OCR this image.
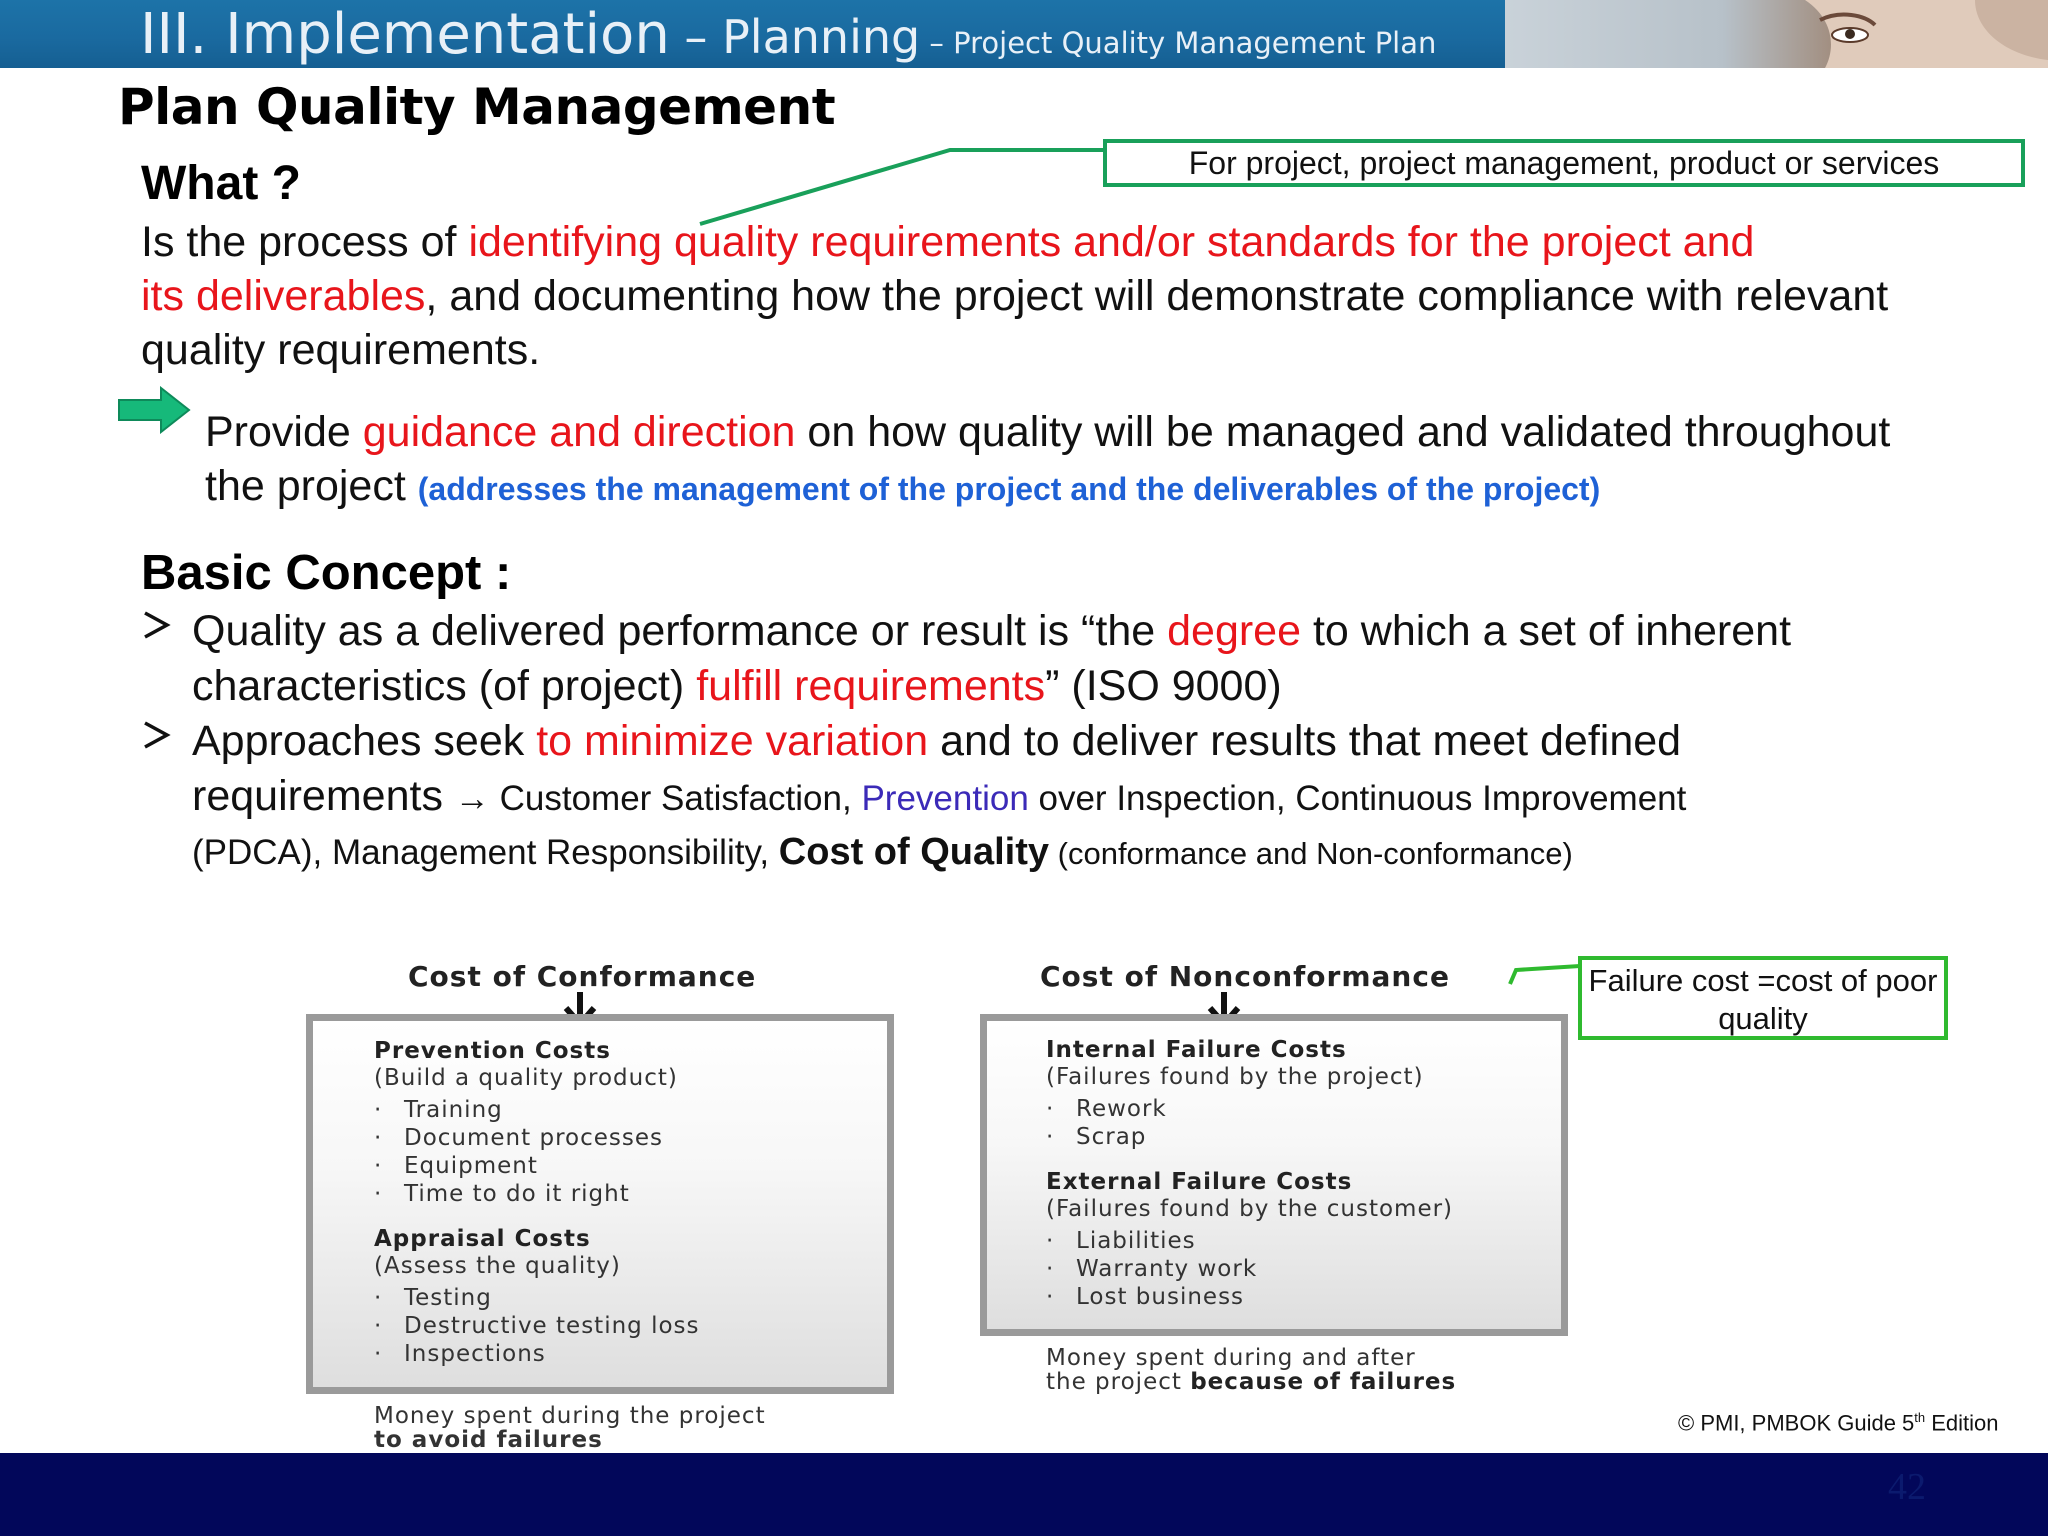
III. Implementation – Planning – Project Quality Management Plan
Plan Quality Management
What ?	For project, project management, product or services
Is the process of identifying quality requirements and/or standards for the project and
its deliverables, and documenting how the project will demonstrate compliance with relevant
quality requirements.
Provide guidance and direction on how quality will be managed and validated throughout
the project (addresses the management of the project and the deliverables of the project)
Basic Concept :
Quality as a delivered performance or result is “the degree to which a set of inherent
characteristics (of project) fulfill requirements” (ISO 9000)
Approaches seek to minimize variation and to deliver results that meet defined
requirements → Customer Satisfaction, Prevention over Inspection, Continuous Improvement
(PDCA), Management Responsibility, Cost of Quality (conformance and Non-conformance)
Cost of Conformance
Prevention Costs
(Build a quality product)
· Training
· Document processes
· Equipment
· Time to do it right
Appraisal Costs
(Assess the quality)
· Testing
· Destructive testing loss
· Inspections
Money spent during the project
to avoid failures
Cost of Nonconformance	Failure cost =cost of poor quality
Internal Failure Costs
(Failures found by the project)
· Rework
· Scrap
External Failure Costs
(Failures found by the customer)
· Liabilities
· Warranty work
· Lost business
Money spent during and after
the project because of failures
© PMI, PMBOK Guide 5th Edition
42
